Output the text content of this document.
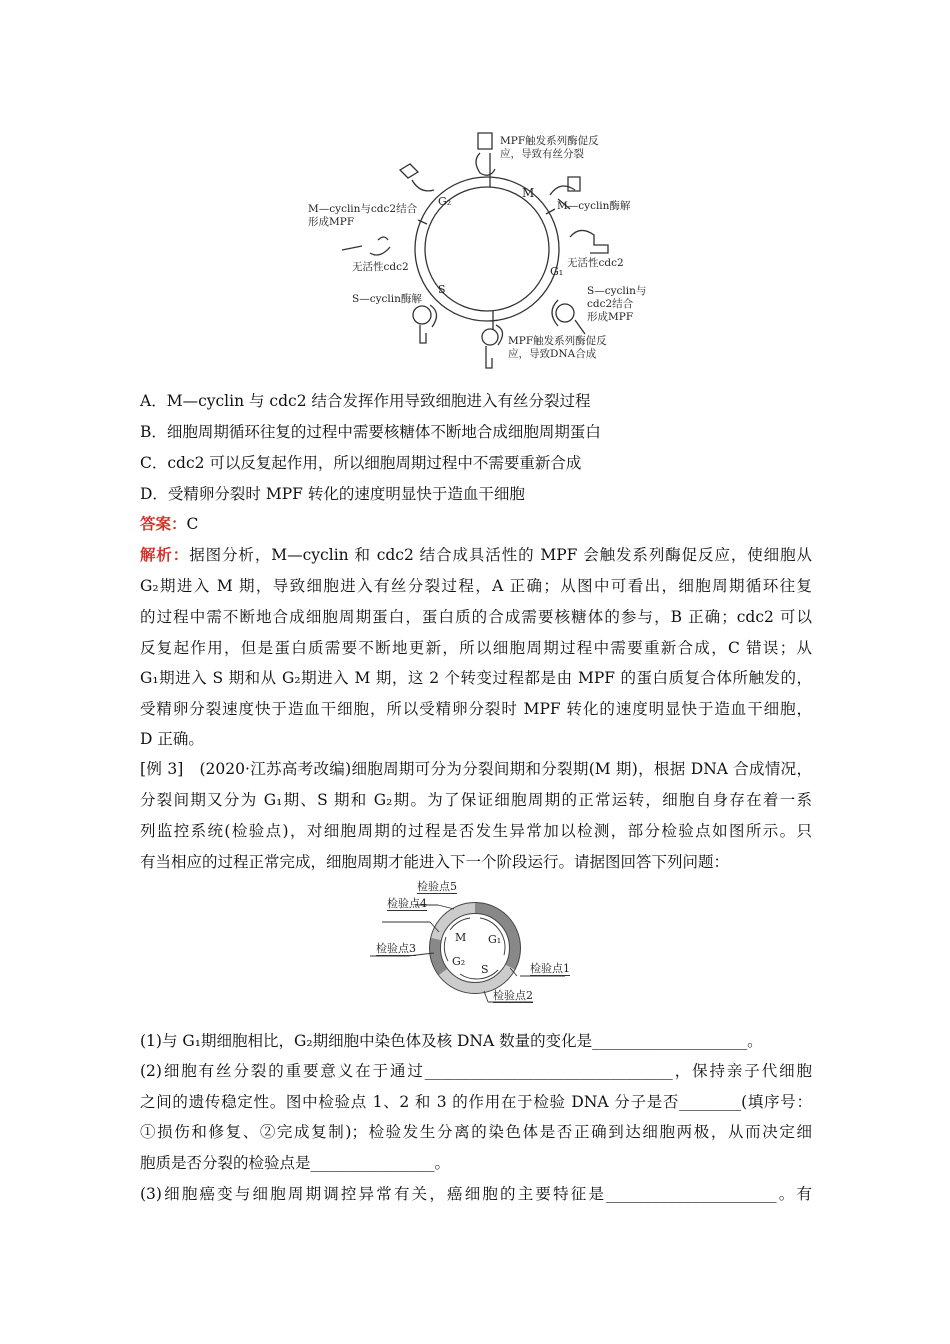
M
G₁
G₂
S
MPF触发系列酶促反
应，导致有丝分裂
M—cyclin与cdc2结合
形成MPF
M—cyclin酶解
无活性cdc2	无活性cdc2
S—cyclin酶解
S—cyclin与
cdc2结合
形成MPF
MPF触发系列酶促反
应，导致DNA合成
A．M—cyclin 与 cdc2 结合发挥作用导致细胞进入有丝分裂过程
B．细胞周期循环往复的过程中需要核糖体不断地合成细胞周期蛋白
C．cdc2 可以反复起作用，所以细胞周期过程中不需要重新合成
D．受精卵分裂时 MPF 转化的速度明显快于造血干细胞
答案：C
解析：据图分析，M—cyclin 和 cdc2 结合成具活性的 MPF 会触发系列酶促反应，使细胞从
G₂期进入 M 期，导致细胞进入有丝分裂过程，A 正确；从图中可看出，细胞周期循环往复
的过程中需不断地合成细胞周期蛋白，蛋白质的合成需要核糖体的参与，B 正确；cdc2 可以
反复起作用，但是蛋白质需要不断地更新，所以细胞周期过程中需要重新合成，C 错误；从
G₁期进入 S 期和从 G₂期进入 M 期，这 2 个转变过程都是由 MPF 的蛋白质复合体所触发的，
受精卵分裂速度快于造血干细胞，所以受精卵分裂时 MPF 转化的速度明显快于造血干细胞，
D 正确。
[例 3]　(2020·江苏高考改编)细胞周期可分为分裂间期和分裂期(M 期)，根据 DNA 合成情况，
分裂间期又分为 G₁期、S 期和 G₂期。为了保证细胞周期的正常运转，细胞自身存在着一系
列监控系统(检验点)，对细胞周期的过程是否发生异常加以检测，部分检验点如图所示。只
有当相应的过程正常完成，细胞周期才能进入下一个阶段运行。请据图回答下列问题：
M G₁
G₂
S	检验点1
检验点2
检验点3
检验点4
检验点5
(1)与 G₁期细胞相比，G₂期细胞中染色体及核 DNA 数量的变化是____________________。
(2)细胞有丝分裂的重要意义在于通过________________________________，保持亲子代细胞
之间的遗传稳定性。图中检验点 1、2 和 3 的作用在于检验 DNA 分子是否________(填序号：
①损伤和修复、②完成复制)；检验发生分离的染色体是否正确到达细胞两极，从而决定细
胞质是否分裂的检验点是________________。
(3)细胞癌变与细胞周期调控异常有关，癌细胞的主要特征是______________________。有
